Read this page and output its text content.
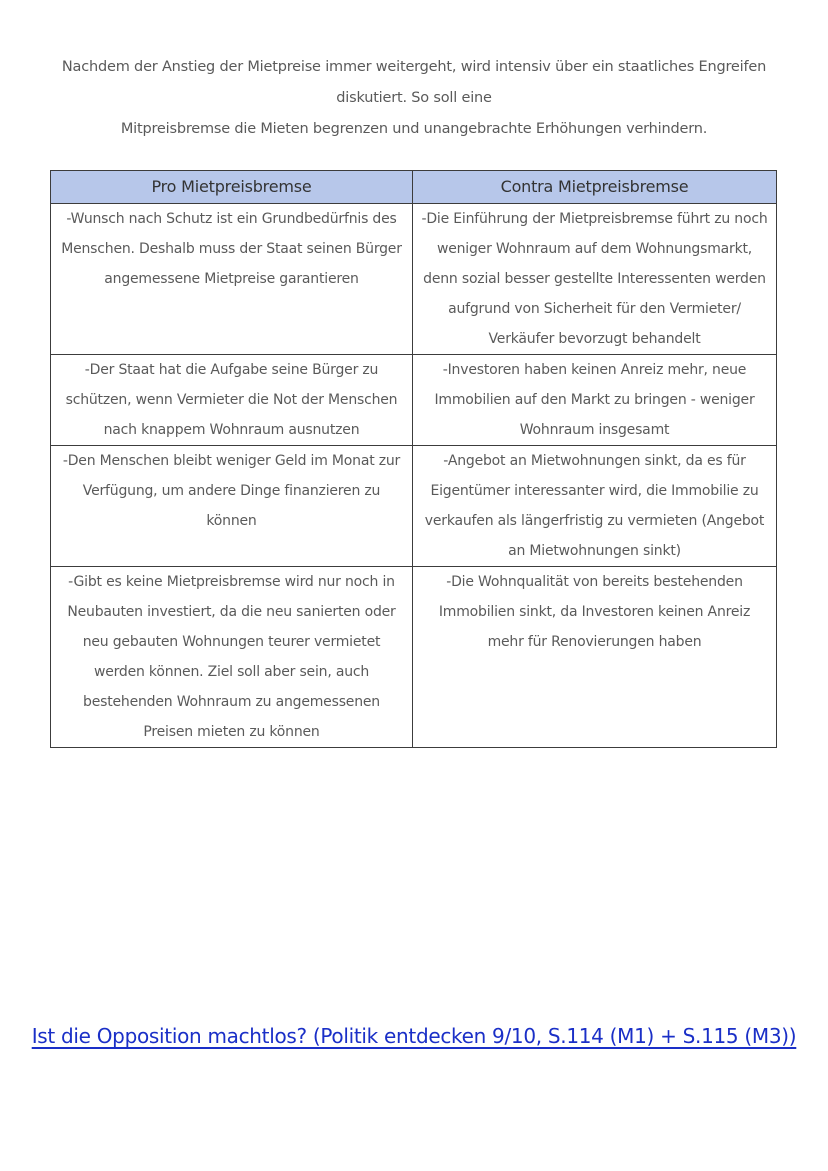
Nachdem der Anstieg der Mietpreise immer weitergeht, wird intensiv über ein staatliches Engreifen diskutiert. So soll eine
Mitpreisbremse die Mieten begrenzen und unangebrachte Erhöhungen verhindern.
Pro Mietpreisbremse	Contra Mietpreisbremse
-Wunsch nach Schutz ist ein Grundbedürfnis des Menschen. Deshalb muss der Staat seinen Bürger angemessene Mietpreise garantieren	-Die Einführung der Mietpreisbremse führt zu noch weniger Wohnraum auf dem Wohnungsmarkt, denn sozial besser gestellte Interessenten werden aufgrund von Sicherheit für den Vermieter/ Verkäufer bevorzugt behandelt
-Der Staat hat die Aufgabe seine Bürger zu schützen, wenn Vermieter die Not der Menschen nach knappem Wohnraum ausnutzen	-Investoren haben keinen Anreiz mehr, neue Immobilien auf den Markt zu bringen - weniger Wohnraum insgesamt
-Den Menschen bleibt weniger Geld im Monat zur Verfügung, um andere Dinge finanzieren zu können	-Angebot an Mietwohnungen sinkt, da es für Eigentümer interessanter wird, die Immobilie zu verkaufen als längerfristig zu vermieten (Angebot an Mietwohnungen sinkt)
-Gibt es keine Mietpreisbremse wird nur noch in Neubauten investiert, da die neu sanierten oder neu gebauten Wohnungen teurer vermietet werden können. Ziel soll aber sein, auch bestehenden Wohnraum zu angemessenen Preisen mieten zu können	-Die Wohnqualität von bereits bestehenden Immobilien sinkt, da Investoren keinen Anreiz mehr für Renovierungen haben
Ist die Opposition machtlos? (Politik entdecken 9/10, S.114 (M1) + S.115 (M3))
